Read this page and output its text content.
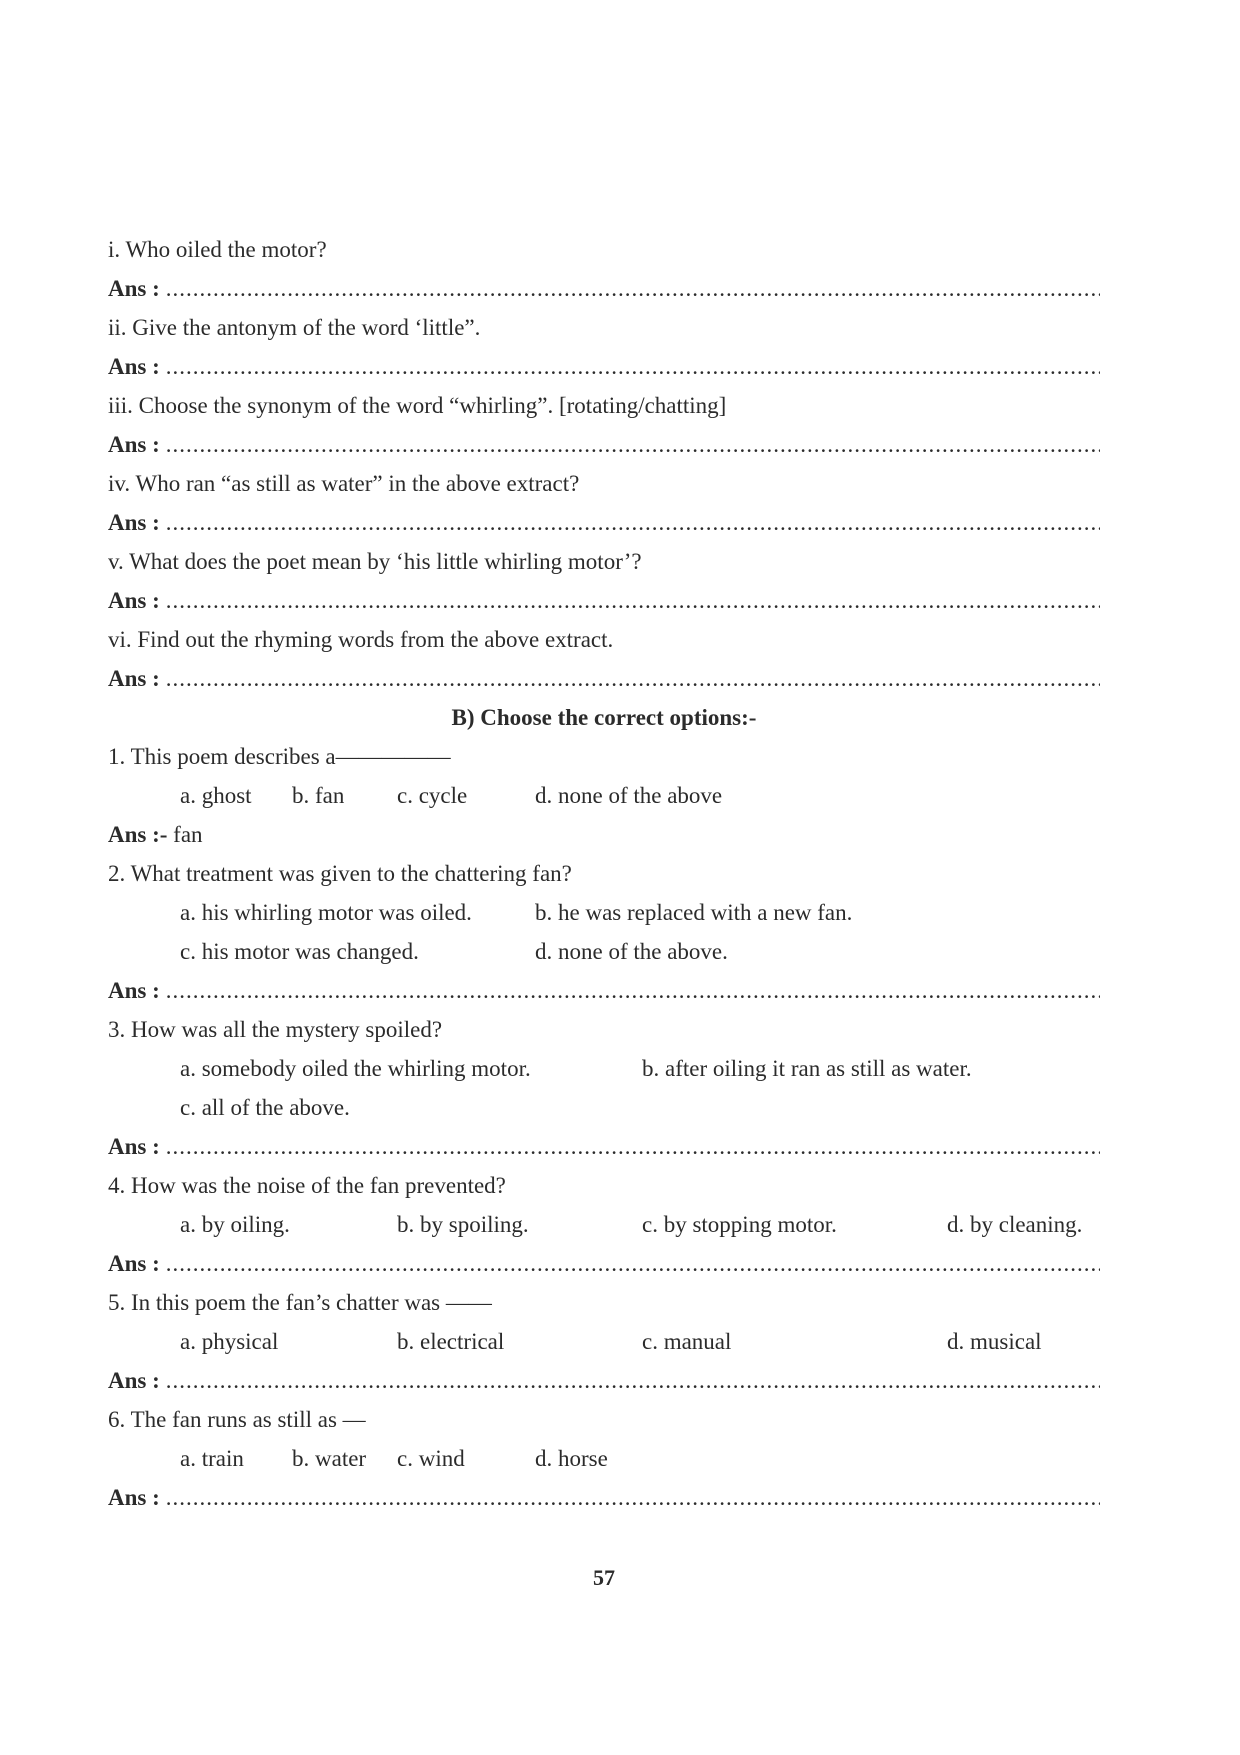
i. Who oiled the motor?
Ans :
.....
ii. Give the antonym of the word ‘little”.
Ans :
.....
iii. Choose the synonym of the word “whirling”. [rotating/chatting]
Ans :
.....
iv. Who ran “as still as water” in the above extract?
Ans :
.....
v. What does the poet mean by ‘his little whirling motor’?
Ans :
.....
vi. Find out the rhyming words from the above extract.
Ans :
.....
B) Choose the correct options:-
1. This poem describes a—————
a. ghost b. fan c. cycle	d. none of the above
Ans :- fan
2. What treatment was given to the chattering fan?
a. his whirling motor was oiled.	b. he was replaced with a new fan.
c. his motor was changed.	d. none of the above.
Ans :
.....
3. How was all the mystery spoiled?
a. somebody oiled the whirling motor.	b. after oiling it ran as still as water.
c. all of the above.
Ans :
.....
4. How was the noise of the fan prevented?
a. by oiling.	b. by spoiling.	c. by stopping motor.	d. by cleaning.
Ans :
.....
5. In this poem the fan’s chatter was ——
a. physical	b. electrical	c. manual	d. musical
Ans :
.....
6. The fan runs as still as —
a. train b. water c. wind	d. horse
Ans :
.....
57
